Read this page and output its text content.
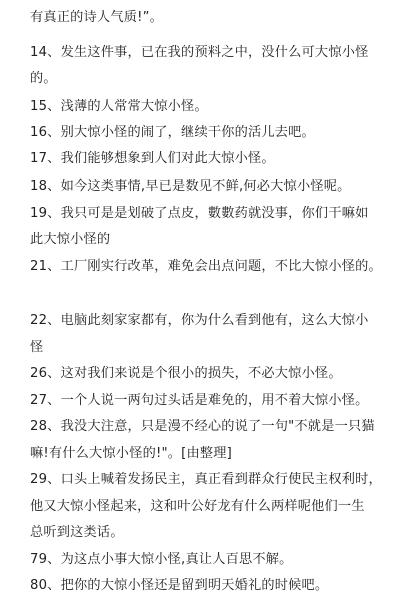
有真正的诗人气质!”。
14、发生这件事，已在我的预料之中，没什么可大惊小怪
的。
15、浅薄的人常常大惊小怪。
16、别大惊小怪的闹了，继续干你的活儿去吧。
17、我们能够想象到人们对此大惊小怪。
18、如今这类事情,早已是数见不鲜,何必大惊小怪呢。
19、我只可是是划破了点皮，數數药就没事，你们干嘛如
此大惊小怪的
21、工厂刚实行改革，难免会出点问题，不比大惊小怪的。
22、电脑此刻家家都有，你为什么看到他有，这么大惊小
怪
26、这对我们来说是个很小的损失，不必大惊小怪。
27、一个人说一两句过头话是难免的，用不着大惊小怪。
28、我没大注意，只是漫不经心的说了一句"不就是一只猫
嘛!有什么大惊小怪的!"。[由整理]
29、口头上喊着发扬民主，真正看到群众行使民主权利时，
他又大惊小怪起来，这和叶公好龙有什么两样呢他们一生
总听到这类话。
79、为这点小事大惊小怪,真让人百思不解。
80、把你的大惊小怪还是留到明天婚礼的时候吧。
